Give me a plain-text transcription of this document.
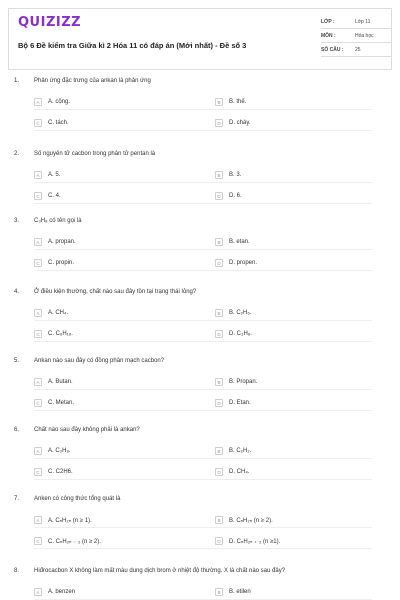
QUIZIZZ
Bộ 6 Đề kiểm tra Giữa kì 2 Hóa 11 có đáp án (Mới nhất) - Đề số 3
LỚP :	Lớp 11
MÔN :	Hóa học
SỐ CÂU :	25
1. Phản ứng đặc trưng của ankan là phản ứng
A	A. cộng.	B	B. thế.
C	C. tách.	D	D. cháy.
2. Số nguyên tử cacbon trong phân tử pentan là
A	A. 5.	B	B. 3.
C	C. 4.	D	D. 6.
3. C₃H₈ có tên gọi là
A	A. propan.	B	B. etan.
C	C. propin.	D	D. propen.
4. Ở điều kiện thường, chất nào sau đây tồn tại trạng thái lỏng?
A	A. CH₄.	B	B. C₂H₆.
C	C. C₆H₁₈.	D	D. C₃H₈.
5. Ankan nào sau đây có đồng phân mạch cacbon?
A	A. Butan.	B	B. Propan.
C	C. Metan.	D	D. Etan.
6. Chất nào sau đây không phải là ankan?
A	A. C₃H₈.	B	B. C₂H₂.
C	C. C2H6.	D	D. CH₄.
7. Anken có công thức tổng quát là
A	A. CₙH₂ₙ (n ≥ 1).	B	B. CₙH₂ₙ (n ≥ 2).
C	C. CₙH₂ₙ ₋ ₂ (n ≥ 2).	D	D. CₙH₂ₙ ₊ ₂ (n ≥1).
8. Hiđrocacbon X không làm mất màu dung dịch brom ở nhiệt độ thường. X là chất nào sau đây?
A	A. benzen	B	B. etilen
